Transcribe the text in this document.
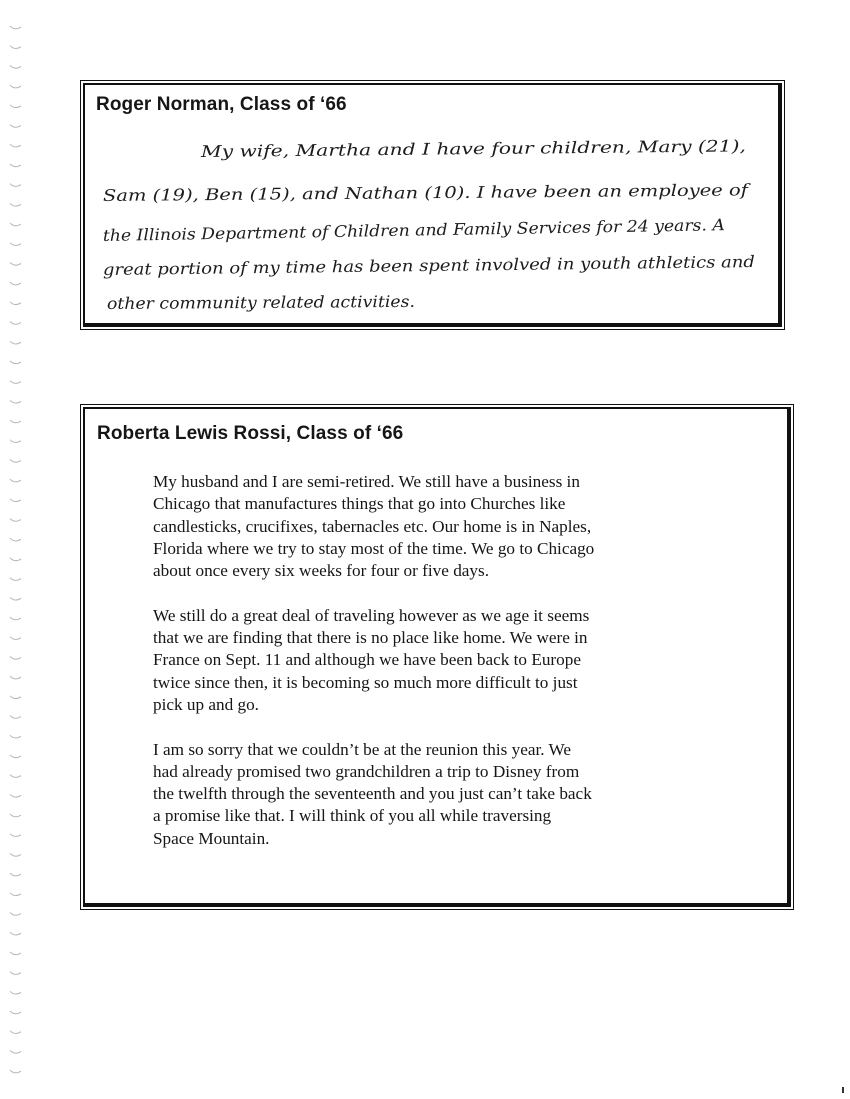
Roger Norman, Class of ‘66
My wife, Martha and I have four children, Mary (21),
Sam (19), Ben (15), and Nathan (10). I have been an employee of
the Illinois Department of Children and Family Services for 24 years. A
great portion of my time has been spent involved in youth athletics and
other community related activities.
Roberta Lewis Rossi, Class of ‘66

My husband and I are semi-retired. We still have a business in
Chicago that manufactures things that go into Churches like
candlesticks, crucifixes, tabernacles etc. Our home is in Naples,
Florida where we try to stay most of the time. We go to Chicago
about once every six weeks for four or five days.

We still do a great deal of traveling however as we age it seems
that we are finding that there is no place like home. We were in
France on Sept. 11 and although we have been back to Europe
twice since then, it is becoming so much more difficult to just
pick up and go.

I am so sorry that we couldn’t be at the reunion this year. We
had already promised two grandchildren a trip to Disney from
the twelfth through the seventeenth and you just can’t take back
a promise like that. I will think of you all while traversing
Space Mountain.
